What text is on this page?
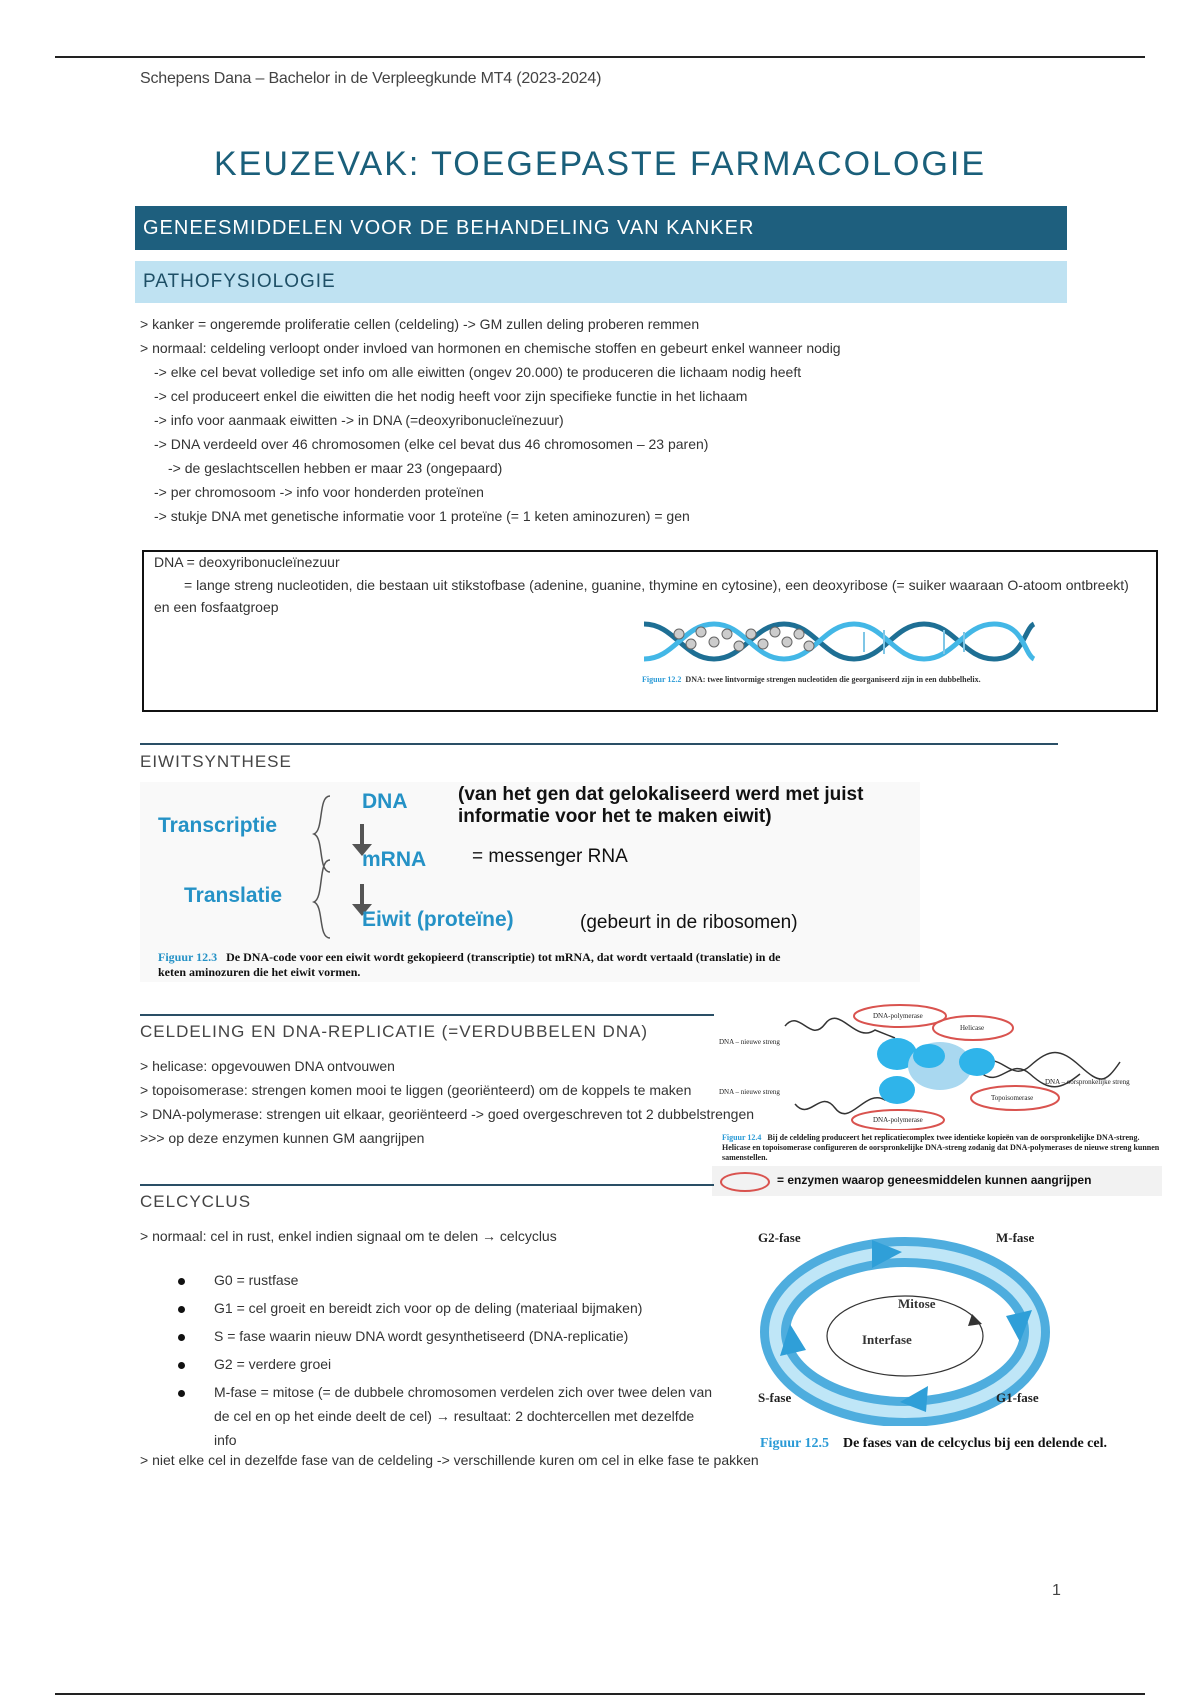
Schepens Dana – Bachelor in de Verpleegkunde MT4 (2023-2024)
KEUZEVAK: TOEGEPASTE FARMACOLOGIE
GENEESMIDDELEN VOOR DE BEHANDELING VAN KANKER
PATHOFYSIOLOGIE
> kanker = ongeremde proliferatie cellen (celdeling) -> GM zullen deling proberen remmen
> normaal: celdeling verloopt onder invloed van hormonen en chemische stoffen en gebeurt enkel wanneer nodig
-> elke cel bevat volledige set info om alle eiwitten (ongev 20.000) te produceren die lichaam nodig heeft
-> cel produceert enkel die eiwitten die het nodig heeft voor zijn specifieke functie in het lichaam
-> info voor aanmaak eiwitten -> in DNA (=deoxyribonucleïnezuur)
-> DNA verdeeld over 46 chromosomen (elke cel bevat dus 46 chromosomen – 23 paren)
-> de geslachtscellen hebben er maar 23 (ongepaard)
-> per chromosoom -> info voor honderden proteïnen
-> stukje DNA met genetische informatie voor 1 proteïne (= 1 keten aminozuren) = gen
DNA = deoxyribonucleïnezuur
= lange streng nucleotiden, die bestaan uit stikstofbase (adenine, guanine, thymine en cytosine), een deoxyribose (= suiker waaraan O-atoom ontbreekt) en een fosfaatgroep
Figuur 12.2 DNA: twee lintvormige strengen nucleotiden die georganiseerd zijn in een dubbelhelix.
EIWITSYNTHESE
Transcriptie
Translatie
DNA	(van het gen dat gelokaliseerd werd met juist informatie voor het te maken eiwit)
mRNA = messenger RNA
Eiwit (proteïne)	(gebeurt in de ribosomen)
Figuur 12.3 De DNA-code voor een eiwit wordt gekopieerd (transcriptie) tot mRNA, dat wordt vertaald (translatie) in de keten aminozuren die het eiwit vormen.
CELDELING EN DNA-REPLICATIE (=VERDUBBELEN DNA)
> helicase: opgevouwen DNA ontvouwen
> topoisomerase: strengen komen mooi te liggen (georiënteerd) om de koppels te maken
> DNA-polymerase: strengen uit elkaar, georiënteerd -> goed overgeschreven tot 2 dubbelstrengen
>>> op deze enzymen kunnen GM aangrijpen
DNA – nieuwe streng
DNA – nieuwe streng
DNA – oorspronkelijke streng
DNA-polymerase
Helicase
Topoisomerase
DNA-polymerase
Figuur 12.4 Bij de celdeling produceert het replicatiecomplex twee identieke kopieën van de oorspronkelijke DNA-streng. Helicase en topoisomerase configureren de oorspronkelijke DNA-streng zodanig dat DNA-polymerases de nieuwe streng kunnen samenstellen.
= enzymen waarop geneesmiddelen kunnen aangrijpen
CELCYCLUS
> normaal: cel in rust, enkel indien signaal om te delen → celcyclus
G0 = rustfase
G1 = cel groeit en bereidt zich voor op de deling (materiaal bijmaken)
S = fase waarin nieuw DNA wordt gesynthetiseerd (DNA-replicatie)
G2 = verdere groei
M-fase = mitose (= de dubbele chromosomen verdelen zich over twee delen van de cel en op het einde deelt de cel) → resultaat: 2 dochtercellen met dezelfde info
> niet elke cel in dezelfde fase van de celdeling -> verschillende kuren om cel in elke fase te pakken
G2-fase	M-fase
Mitose
Interfase
S-fase	G1-fase
Figuur 12.5 De fases van de celcyclus bij een delende cel.
1
